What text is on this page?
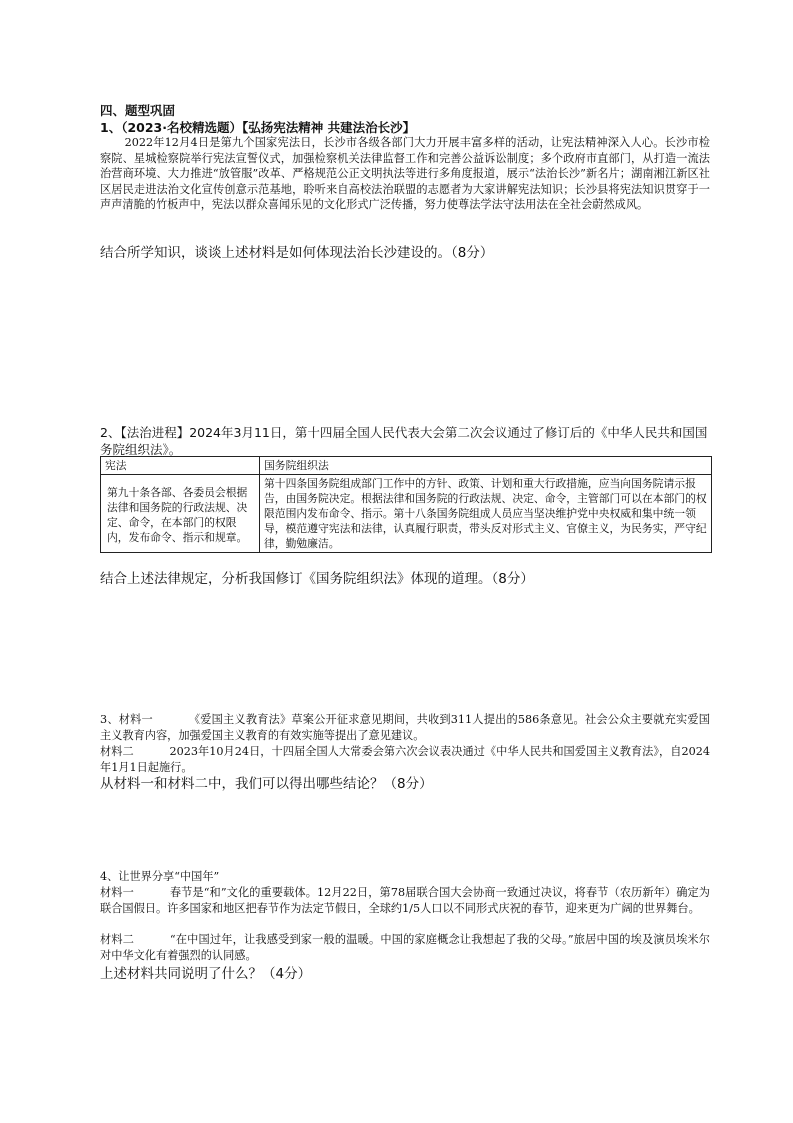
四、题型巩固
1、（2023·名校精选题）【弘扬宪法精神 共建法治长沙】
2022年12月4日是第九个国家宪法日，长沙市各级各部门大力开展丰富多样的活动，让宪法精神深入人心。长沙市检察院、星城检察院举行宪法宣誓仪式，加强检察机关法律监督工作和完善公益诉讼制度；多个政府市直部门，从打造一流法治营商环境、大力推进“放管服”改革、严格规范公正文明执法等进行多角度报道，展示“法治长沙”新名片；湖南湘江新区社区居民走进法治文化宣传创意示范基地，聆听来自高校法治联盟的志愿者为大家讲解宪法知识；长沙县将宪法知识贯穿于一声声清脆的竹板声中，宪法以群众喜闻乐见的文化形式广泛传播，努力使尊法学法守法用法在全社会蔚然成风。
结合所学知识，谈谈上述材料是如何体现法治长沙建设的。（8分）
2、【法治进程】2024年3月11日，第十四届全国人民代表大会第二次会议通过了修订后的《中华人民共和国国务院组织法》。
宪法	国务院组织法
第九十条各部、各委员会根据法律和国务院的行政法规、决定、命令，在本部门的权限内，发布命令、指示和规章。	第十四条国务院组成部门工作中的方针、政策、计划和重大行政措施，应当向国务院请示报告，由国务院决定。根据法律和国务院的行政法规、决定、命令，主管部门可以在本部门的权限范围内发布命令、指示。第十八条国务院组成人员应当坚决维护党中央权威和集中统一领导，模范遵守宪法和法律，认真履行职责，带头反对形式主义、官僚主义，为民务实，严守纪律，勤勉廉洁。
结合上述法律规定，分析我国修订《国务院组织法》体现的道理。（8分）
3、材料一	《爱国主义教育法》草案公开征求意见期间，共收到311人提出的586条意见。社会公众主要就充实爱国主义教育内容，加强爱国主义教育的有效实施等提出了意见建议。
材料二	2023年10月24日，十四届全国人大常委会第六次会议表决通过《中华人民共和国爱国主义教育法》，自2024年1月1日起施行。
从材料一和材料二中，我们可以得出哪些结论？（8分）
4、让世界分享“中国年”
材料一	春节是“和”文化的重要载体。12月22日，第78届联合国大会协商一致通过决议，将春节（农历新年）确定为联合国假日。许多国家和地区把春节作为法定节假日，全球约1/5人口以不同形式庆祝的春节，迎来更为广阔的世界舞台。
材料二	“在中国过年，让我感受到家一般的温暖。中国的家庭概念让我想起了我的父母。”旅居中国的埃及演员埃米尔对中华文化有着强烈的认同感。
上述材料共同说明了什么？（4分）
